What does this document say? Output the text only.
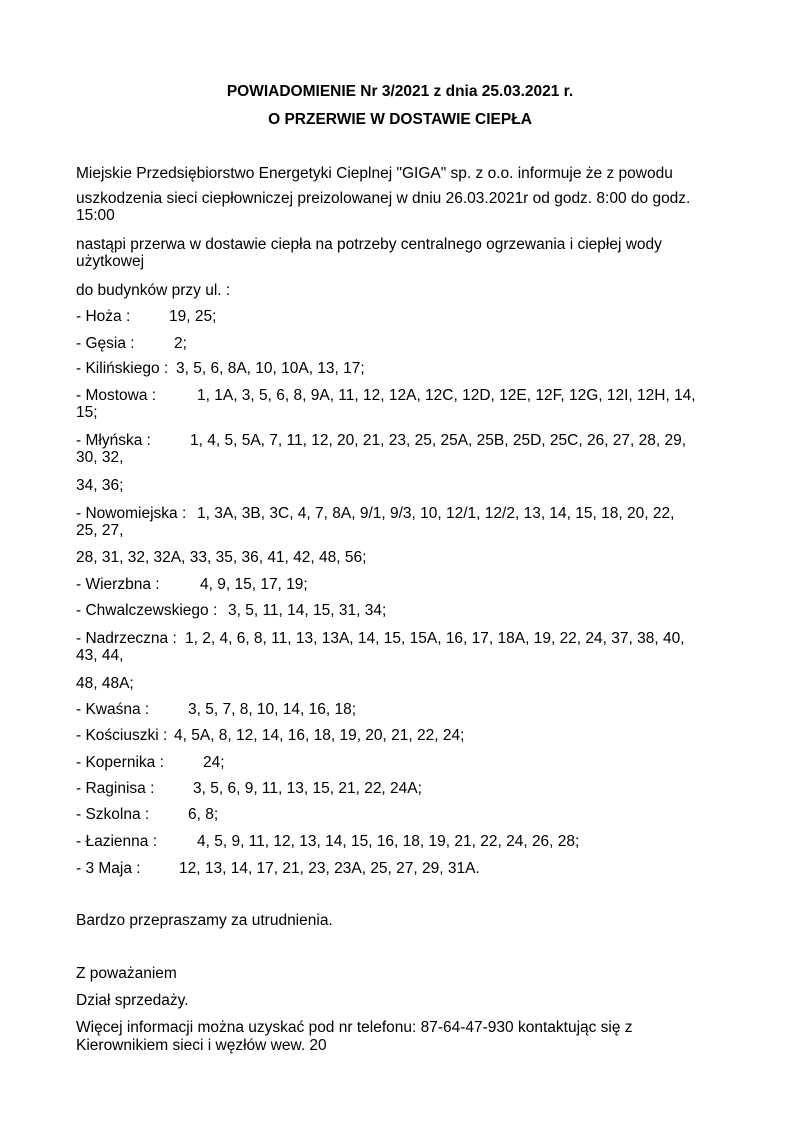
POWIADOMIENIE Nr 3/2021 z dnia 25.03.2021 r.
O PRZERWIE W DOSTAWIE CIEPŁA
Miejskie Przedsiębiorstwo Energetyki Cieplnej "GIGA" sp. z o.o. informuje że z powodu
uszkodzenia sieci ciepłowniczej preizolowanej w dniu 26.03.2021r od godz. 8:00 do godz.
15:00
nastąpi przerwa w dostawie ciepła na potrzeby centralnego ogrzewania i ciepłej wody
użytkowej
do budynków przy ul. :
- Hoża : 19, 25;
- Gęsia :	2;
- Kilińskiego : 3, 5, 6, 8A, 10, 10A, 13, 17;
- Mostowa :	1, 1A, 3, 5, 6, 8, 9A, 11, 12, 12A, 12C, 12D, 12E, 12F, 12G, 12I, 12H, 14,
15;
- Młyńska :	1, 4, 5, 5A, 7, 11, 12, 20, 21, 23, 25, 25A, 25B, 25D, 25C, 26, 27, 28, 29,
30, 32,
34, 36;
- Nowomiejska : 1, 3A, 3B, 3C, 4, 7, 8A, 9/1, 9/3, 10, 12/1, 12/2, 13, 14, 15, 18, 20, 22,
25, 27,
28, 31, 32, 32A, 33, 35, 36, 41, 42, 48, 56;
- Wierzbna :	4, 9, 15, 17, 19;
- Chwalczewskiego : 3, 5, 11, 14, 15, 31, 34;
- Nadrzeczna : 1, 2, 4, 6, 8, 11, 13, 13A, 14, 15, 15A, 16, 17, 18A, 19, 22, 24, 37, 38, 40,
43, 44,
48, 48A;
- Kwaśna :	3, 5, 7, 8, 10, 14, 16, 18;
- Kościuszki : 4, 5A, 8, 12, 14, 16, 18, 19, 20, 21, 22, 24;
- Kopernika :	24;
- Raginisa : 3, 5, 6, 9, 11, 13, 15, 21, 22, 24A;
- Szkolna :	6, 8;
- Łazienna :	4, 5, 9, 11, 12, 13, 14, 15, 16, 18, 19, 21, 22, 24, 26, 28;
- 3 Maja : 12, 13, 14, 17, 21, 23, 23A, 25, 27, 29, 31A.
Bardzo przepraszamy za utrudnienia.
Z poważaniem
Dział sprzedaży.
Więcej informacji można uzyskać pod nr telefonu: 87-64-47-930 kontaktując się z
Kierownikiem sieci i węzłów wew. 20
